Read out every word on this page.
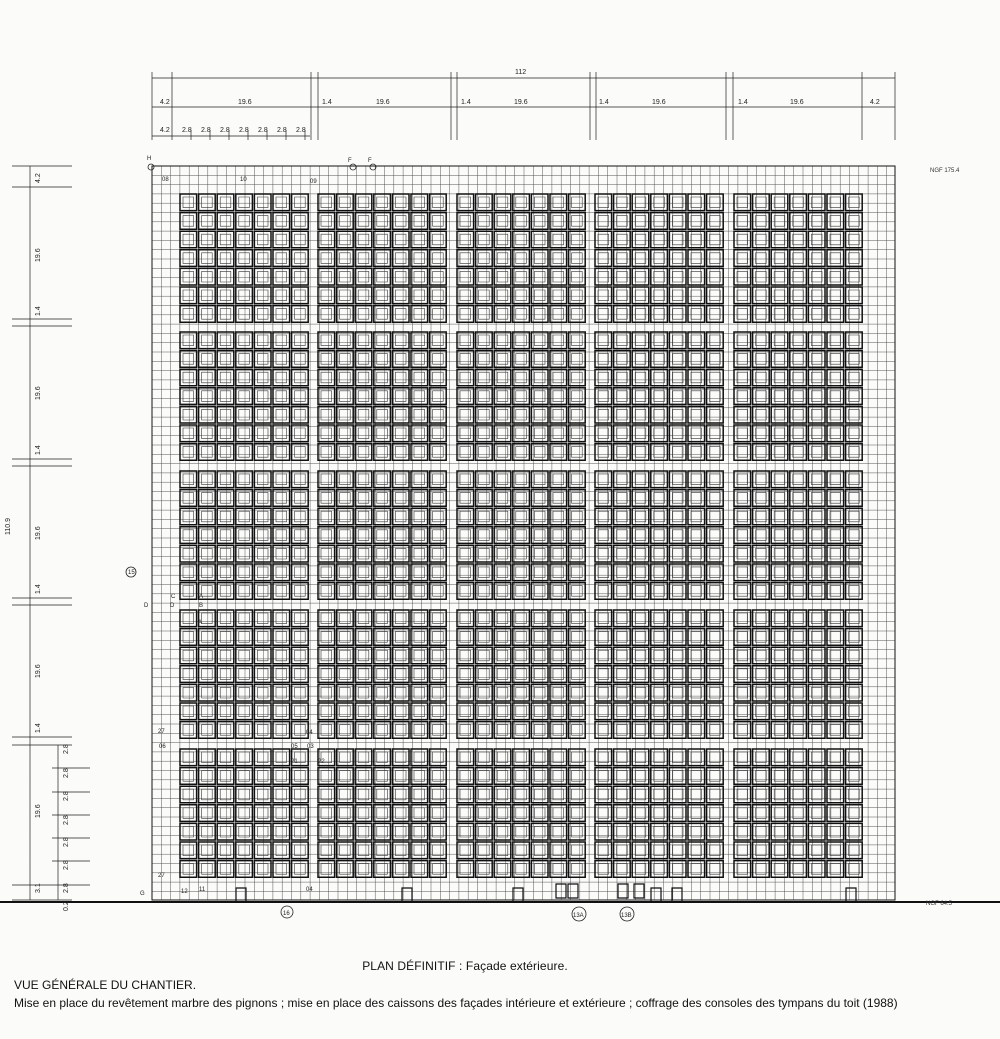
112
4.2	19.6	1.4	19.6	1.4	19.6	1.4	19.6	1.4	19.6	4.2
4.2 2.8 2.8 2.8 2.8 2.8 2.8 2.8
110.9
4.2
19.6
1.4
19.6
1.4
19.6
1.4
19.6
1.4
19.6
3.1
0.2
2.8
2.8
2.8
2.8
2.8
2.8
2.8
NGF 175.4
NGF 64.5
H
08	10	09
F	F
15
C
D	D	B
A
A
27
06	05 03
21	22
04
27
12 11	04
G
16	13A	13B
PLAN DÉFINITIF : Façade extérieure.
VUE GÉNÉRALE DU CHANTIER.
Mise en place du revêtement marbre des pignons ; mise en place des caissons des façades intérieure et extérieure ; coffrage des consoles des tympans du toit (1988)
